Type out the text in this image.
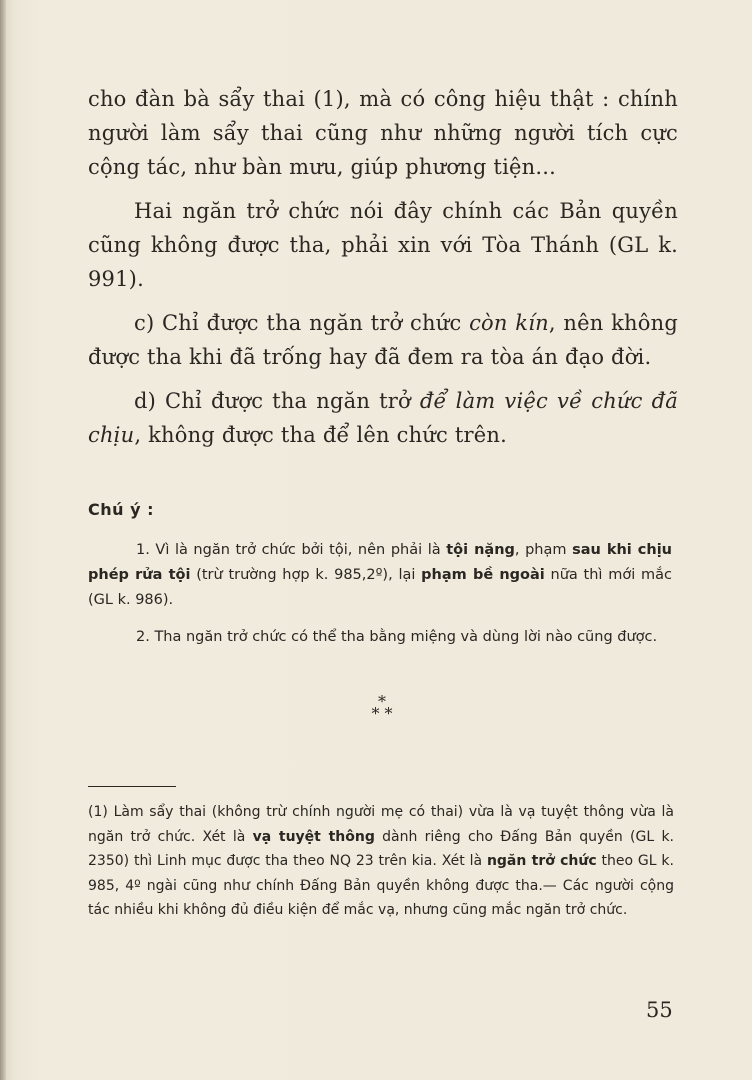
cho đàn bà sẩy thai (1), mà có công hiệu thật : chính người làm sẩy thai cũng như những người tích cực cộng tác, như bàn mưu, giúp phương tiện...

Hai ngăn trở chức nói đây chính các Bản quyền cũng không được tha, phải xin với Tòa Thánh (GL k. 991).

c) Chỉ được tha ngăn trở chức còn kín, nên không được tha khi đã trống hay đã đem ra tòa án đạo đời.

d) Chỉ được tha ngăn trở để làm việc về chức đã chịu, không được tha để lên chức trên.

Chú ý :

1. Vì là ngăn trở chức bởi tội, nên phải là tội nặng, phạm sau khi chịu phép rửa tội (trừ trường hợp k. 985,2º), lại phạm bề ngoài nữa thì mới mắc (GL k. 986).

2. Tha ngăn trở chức có thể tha bằng miệng và dùng lời nào cũng được.

*
* *

(1) Làm sẩy thai (không trừ chính người mẹ có thai) vừa là vạ tuyệt thông vừa là ngăn trở chức. Xét là vạ tuyệt thông dành riêng cho Đấng Bản quyền (GL k. 2350) thì Linh mục được tha theo NQ 23 trên kia. Xét là ngăn trở chức theo GL k. 985, 4º ngài cũng như chính Đấng Bản quyền không được tha.— Các người cộng tác nhiều khi không đủ điều kiện để mắc vạ, nhưng cũng mắc ngăn trở chức.

55
